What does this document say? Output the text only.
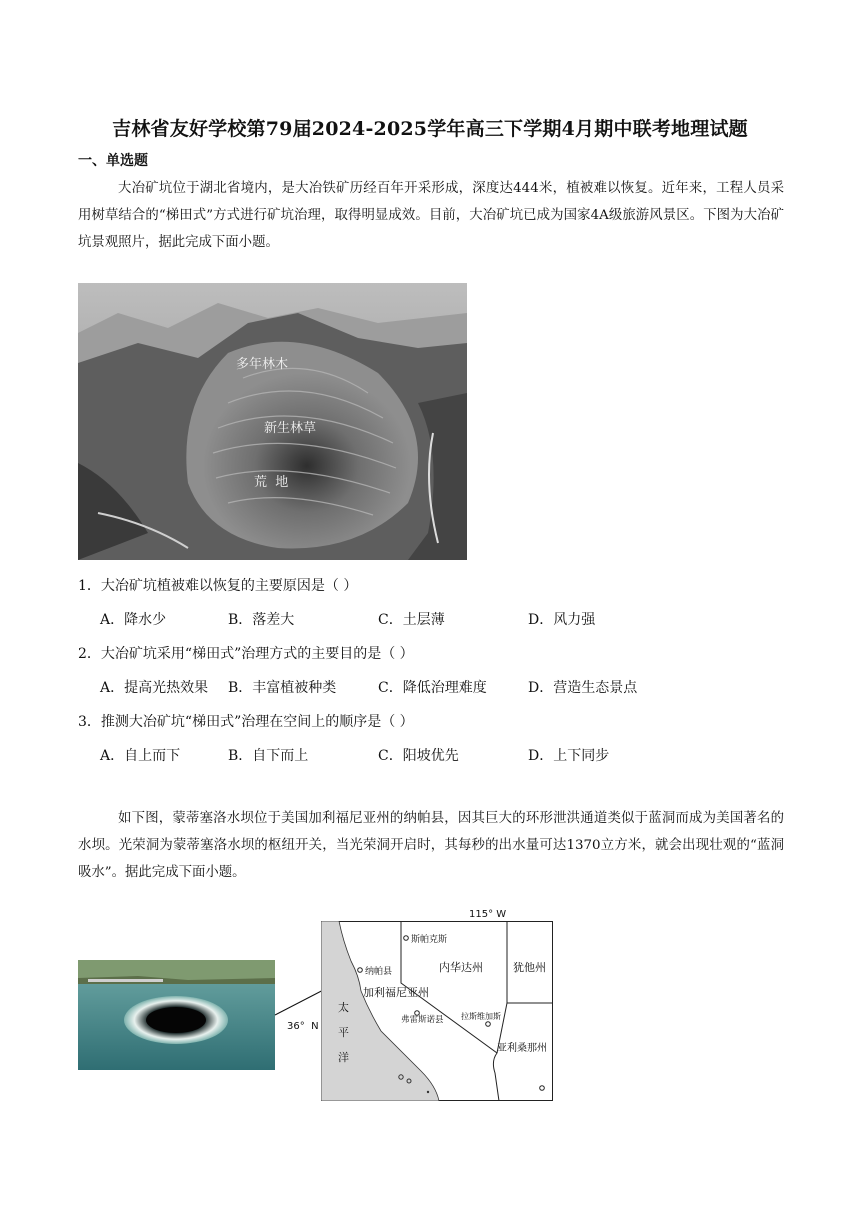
吉林省友好学校第79届2024-2025学年高三下学期4月期中联考地理试题
一、单选题
大冶矿坑位于湖北省境内，是大冶铁矿历经百年开采形成，深度达444米，植被难以恢复。近年来，工程人员采用树草结合的“梯田式”方式进行矿坑治理，取得明显成效。目前，大冶矿坑已成为国家4A级旅游风景区。下图为大冶矿坑景观照片，据此完成下面小题。
多年林木
新生林草
荒  地
1．大冶矿坑植被难以恢复的主要原因是（ ）
A．降水少	B．落差大	C．土层薄	D．风力强
2．大冶矿坑采用“梯田式”治理方式的主要目的是（ ）
A．提高光热效果 B．丰富植被种类	C．降低治理难度	D．营造生态景点
3．推测大冶矿坑“梯田式”治理在空间上的顺序是（ ）
A．自上而下	B．自下而上	C．阳坡优先	D．上下同步
如下图，蒙蒂塞洛水坝位于美国加利福尼亚州的纳帕县，因其巨大的环形泄洪通道类似于蓝洞而成为美国著名的水坝。光荣洞为蒙蒂塞洛水坝的枢纽开关，当光荣洞开启时，其每秒的出水量可达1370立方米，就会出现壮观的“蓝洞吸水”。据此完成下面小题。
115° W
36°  N
斯帕克斯
纳帕县	内华达州	犹他州
加利福尼亚州
弗雷斯诺县 拉斯维加斯
亚利桑那州
太
平
洋
